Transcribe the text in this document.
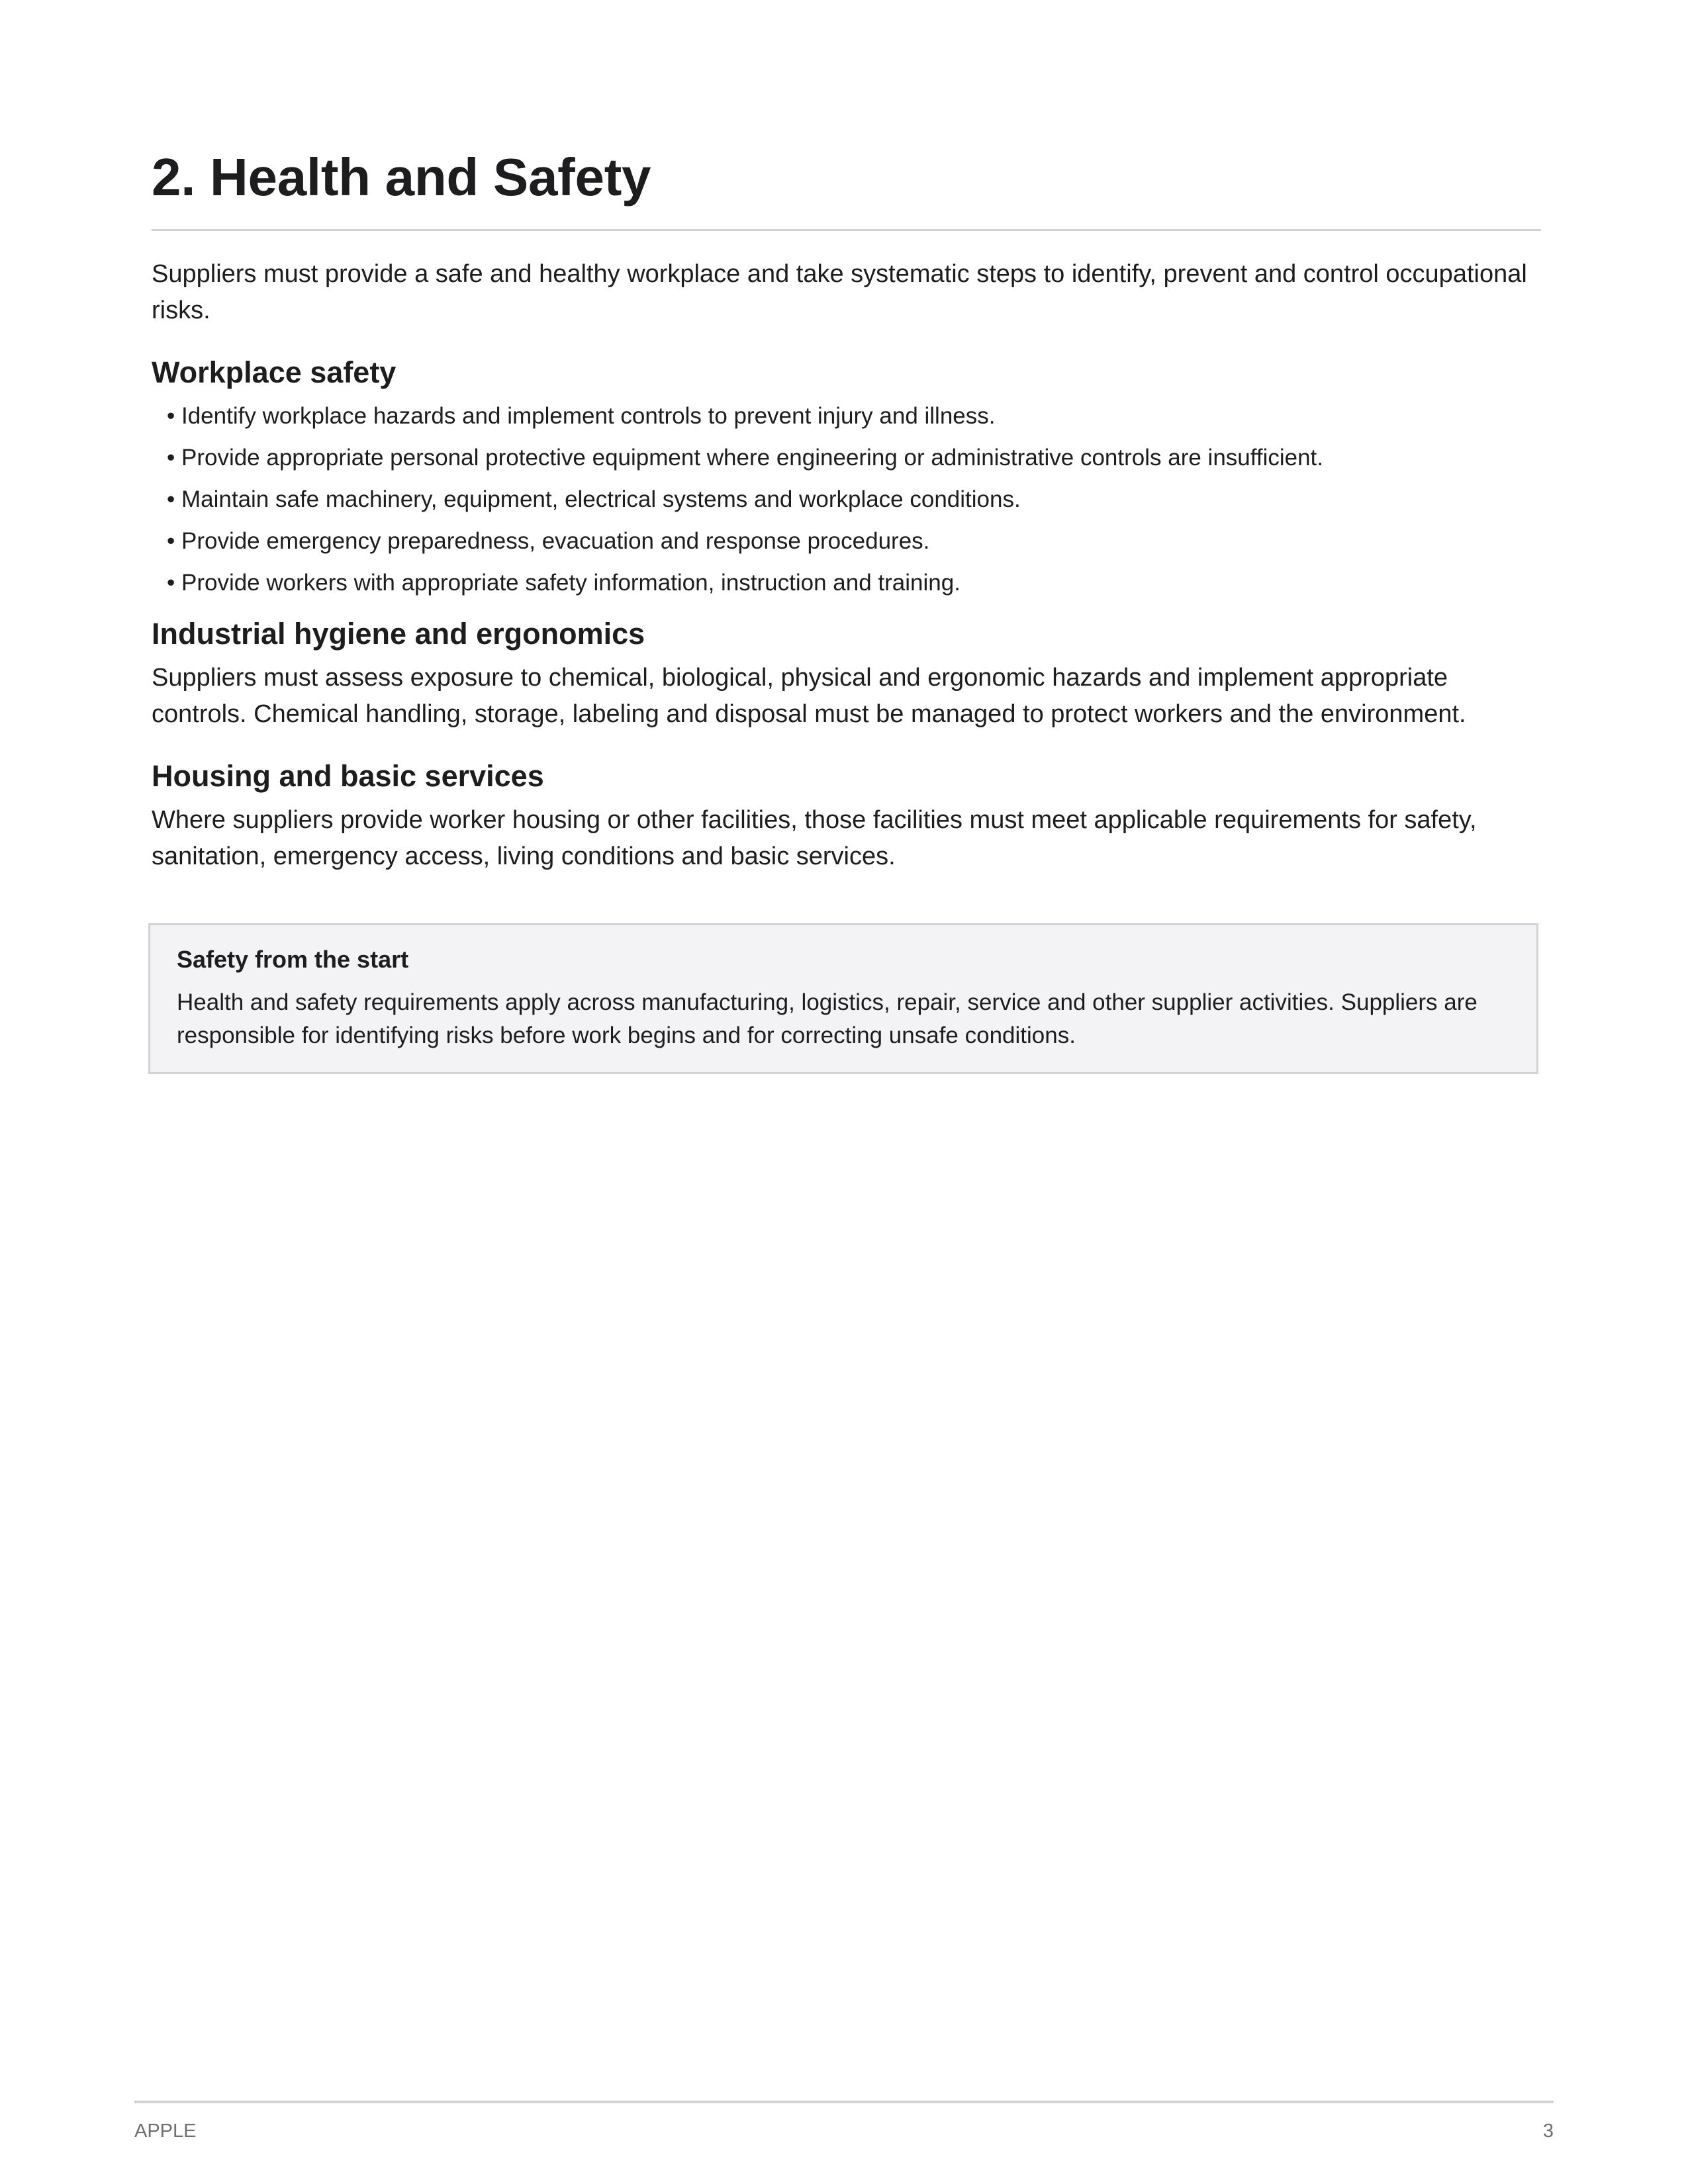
2. Health and Safety

Suppliers must provide a safe and healthy workplace and take systematic steps to identify, prevent and control occupational risks.

Workplace safety
• Identify workplace hazards and implement controls to prevent injury and illness.
• Provide appropriate personal protective equipment where engineering or administrative controls are insufficient.
• Maintain safe machinery, equipment, electrical systems and workplace conditions.
• Provide emergency preparedness, evacuation and response procedures.
• Provide workers with appropriate safety information, instruction and training.
Industrial hygiene and ergonomics

Suppliers must assess exposure to chemical, biological, physical and ergonomic hazards and implement appropriate controls. Chemical handling, storage, labeling and disposal must be managed to protect workers and the environment.

Housing and basic services

Where suppliers provide worker housing or other facilities, those facilities must meet applicable requirements for safety, sanitation, emergency access, living conditions and basic services.

Safety from the start

Health and safety requirements apply across manufacturing, logistics, repair, service and other supplier activities. Suppliers are responsible for identifying risks before work begins and for correcting unsafe conditions.

APPLE	3
